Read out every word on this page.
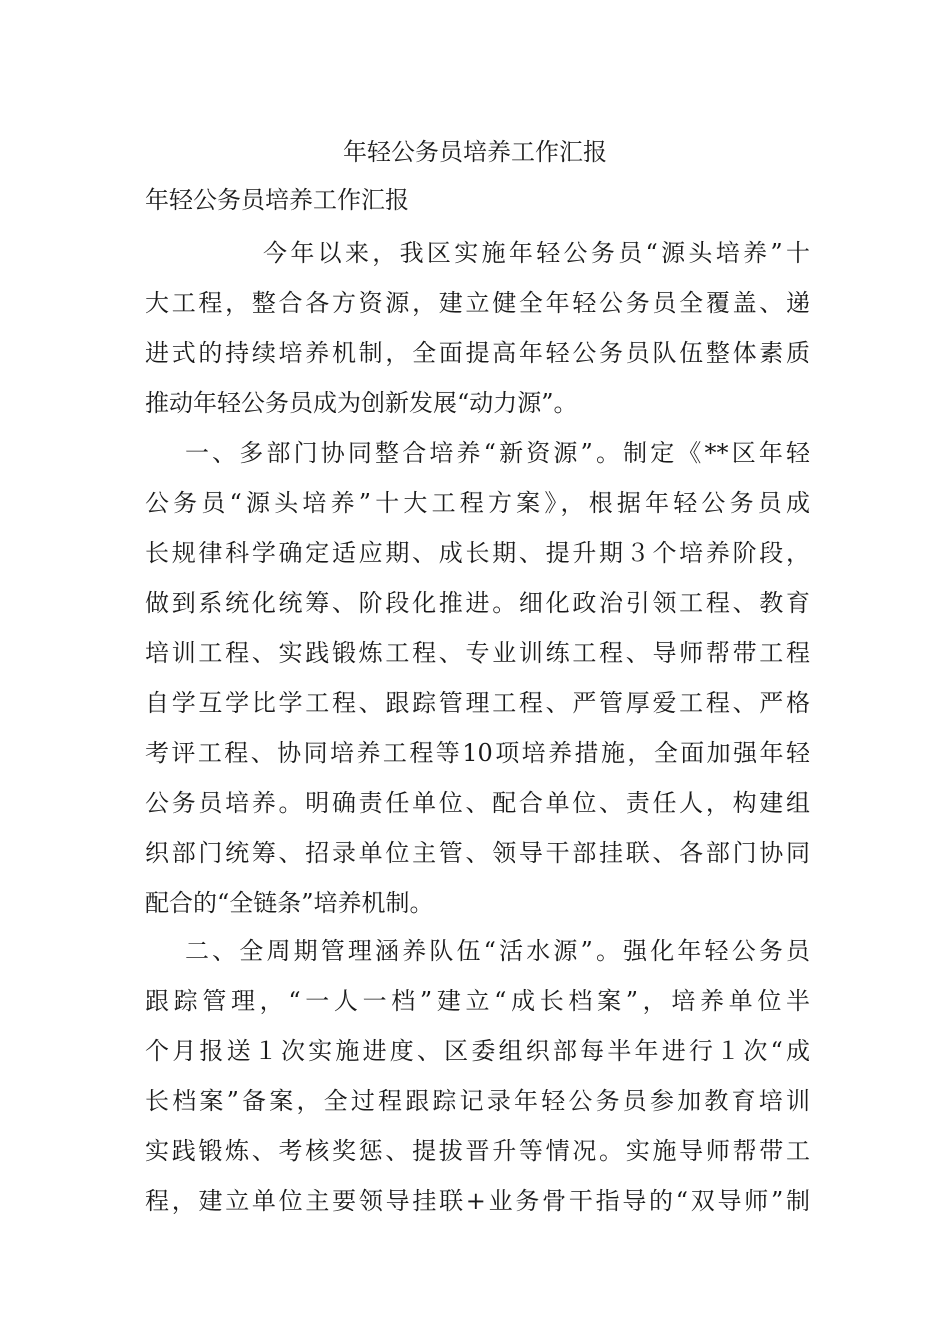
年轻公务员培养工作汇报
年轻公务员培养工作汇报
今年以来，我区实施年轻公务员“源头培养”十
大工程，整合各方资源，建立健全年轻公务员全覆盖、递
进式的持续培养机制，全面提高年轻公务员队伍整体素质
推动年轻公务员成为创新发展“动力源”。
一、多部门协同整合培养“新资源”。制定《**区年轻
公务员“源头培养”十大工程方案》，根据年轻公务员成
长规律科学确定适应期、成长期、提升期３个培养阶段，
做到系统化统筹、阶段化推进。细化政治引领工程、教育
培训工程、实践锻炼工程、专业训练工程、导师帮带工程
自学互学比学工程、跟踪管理工程、严管厚爱工程、严格
考评工程、协同培养工程等10项培养措施，全面加强年轻
公务员培养。明确责任单位、配合单位、责任人，构建组
织部门统筹、招录单位主管、领导干部挂联、各部门协同
配合的“全链条”培养机制。
二、全周期管理涵养队伍“活水源”。强化年轻公务员
跟踪管理，“一人一档”建立“成长档案”，培养单位半
个月报送１次实施进度、区委组织部每半年进行１次“成
长档案”备案，全过程跟踪记录年轻公务员参加教育培训
实践锻炼、考核奖惩、提拔晋升等情况。实施导师帮带工
程，建立单位主要领导挂联+业务骨干指导的“双导师”制
